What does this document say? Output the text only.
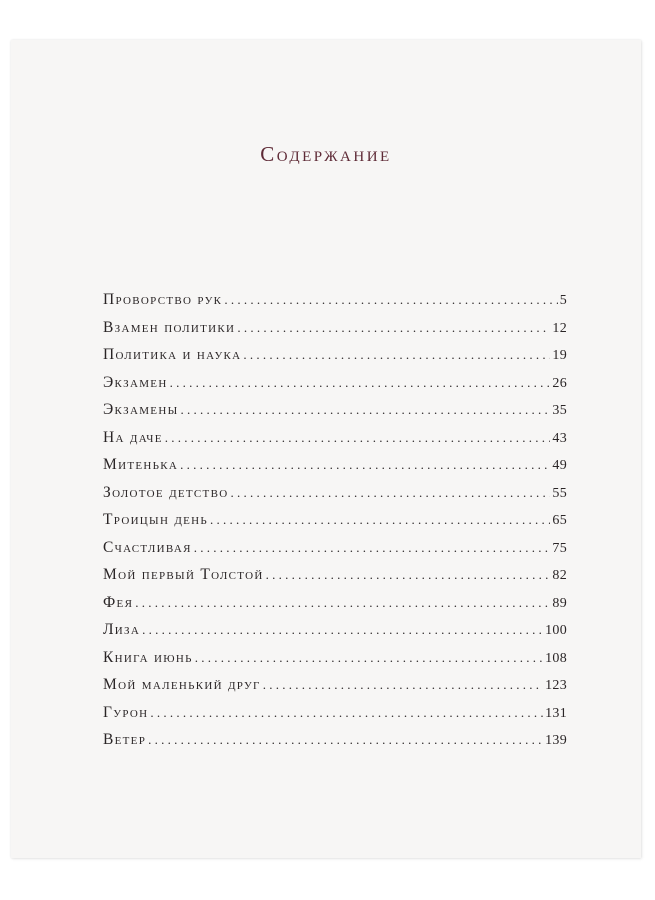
Содержание
Проворство рук . . .	5
Взамен политики . . .	12
Политика и наука . . .	19
Экзамен . . .	26
Экзамены . . .	35
На даче . . .	43
Митенька . . .	49
Золотое детство . . .	55
Троицын день . . .	65
Счастливая . . .	75
Мой первый Толстой . . .	82
Фея . . .	89
Лиза . . .	100
Книга июнь . . .	108
Мой маленький друг . . .	123
Гурон . . .	131
Ветер . . .	139
